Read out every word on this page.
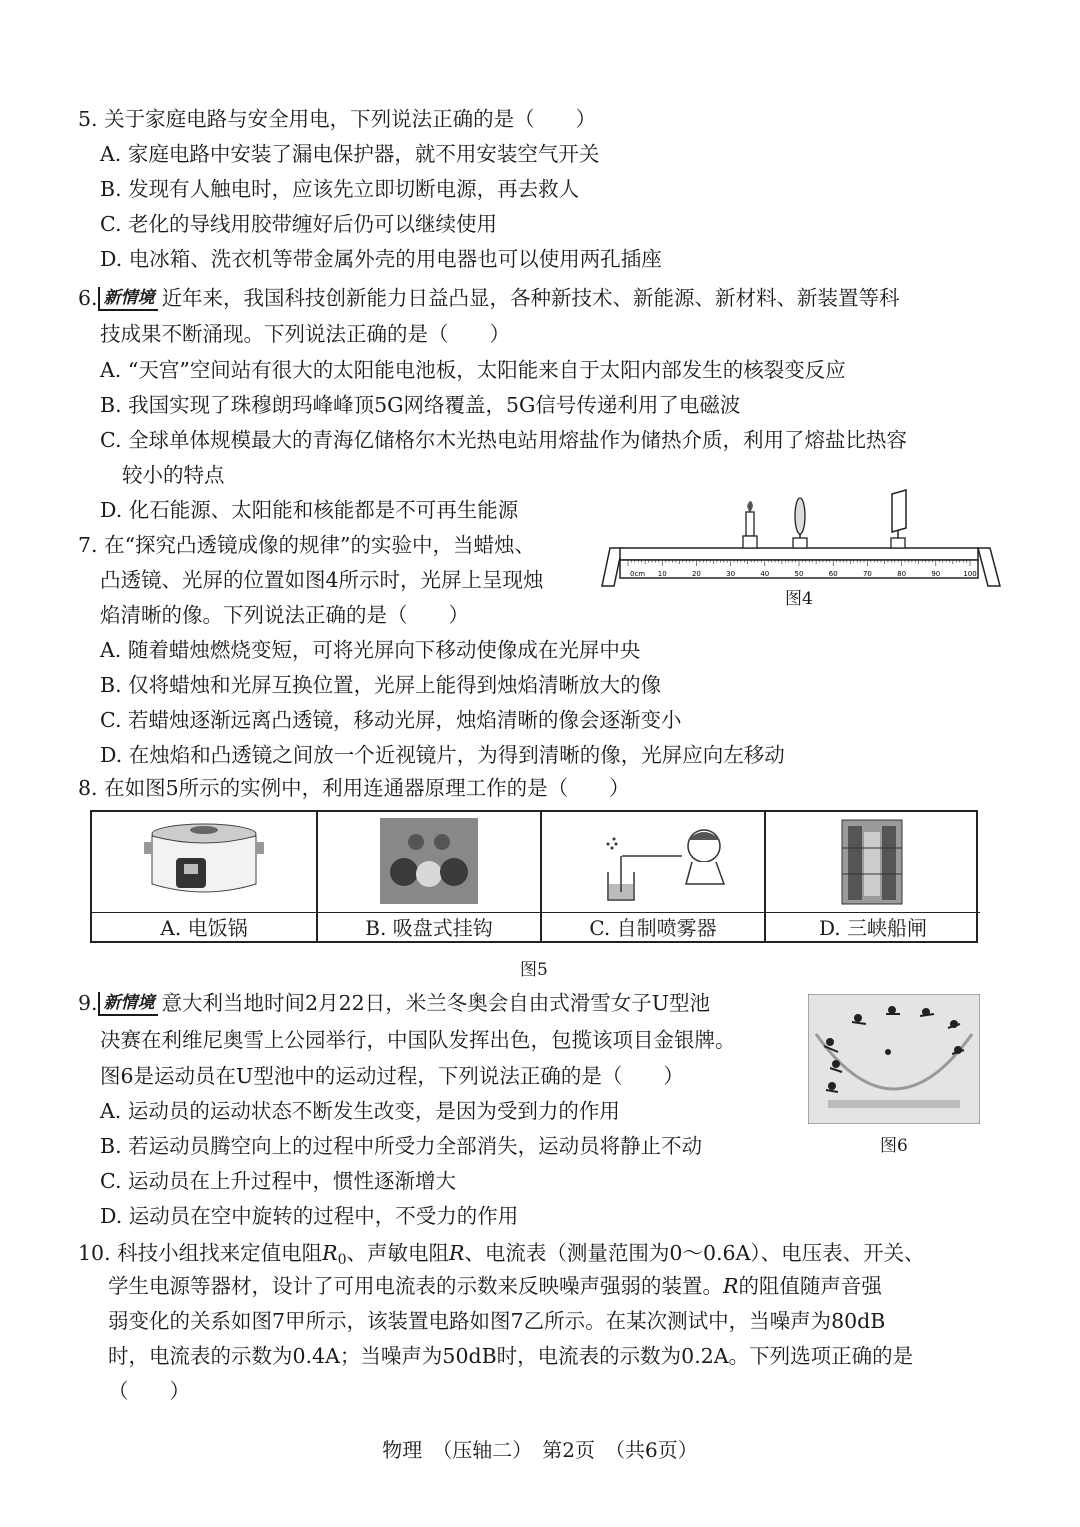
5. 关于家庭电路与安全用电，下列说法正确的是（　　）
A. 家庭电路中安装了漏电保护器，就不用安装空气开关
B. 发现有人触电时，应该先立即切断电源，再去救人
C. 老化的导线用胶带缠好后仍可以继续使用
D. 电冰箱、洗衣机等带金属外壳的用电器也可以使用两孔插座
6. 新情境 近年来，我国科技创新能力日益凸显，各种新技术、新能源、新材料、新装置等科
技成果不断涌现。下列说法正确的是（　　）
A. “天宫”空间站有很大的太阳能电池板，太阳能来自于太阳内部发生的核裂变反应
B. 我国实现了珠穆朗玛峰峰顶5G网络覆盖，5G信号传递利用了电磁波
C. 全球单体规模最大的青海亿储格尔木光热电站用熔盐作为储热介质，利用了熔盐比热容
较小的特点
D. 化石能源、太阳能和核能都是不可再生能源
7. 在“探究凸透镜成像的规律”的实验中，当蜡烛、
凸透镜、光屏的位置如图4所示时，光屏上呈现烛
焰清晰的像。下列说法正确的是（　　）
A. 随着蜡烛燃烧变短，可将光屏向下移动使像成在光屏中央
B. 仅将蜡烛和光屏互换位置，光屏上能得到烛焰清晰放大的像
C. 若蜡烛逐渐远离凸透镜，移动光屏，烛焰清晰的像会逐渐变小
D. 在烛焰和凸透镜之间放一个近视镜片，为得到清晰的像，光屏应向左移动
0cm 10	20	30	40	50	60	70	80	90	100
图4
8. 在如图5所示的实例中，利用连通器原理工作的是（　　）
A. 电饭锅	B. 吸盘式挂钩	C. 自制喷雾器	D. 三峡船闸
图5
9. 新情境 意大利当地时间2月22日，米兰冬奥会自由式滑雪女子U型池
决赛在利维尼奥雪上公园举行，中国队发挥出色，包揽该项目金银牌。
图6是运动员在U型池中的运动过程，下列说法正确的是（　　）
A. 运动员的运动状态不断发生改变，是因为受到力的作用
B. 若运动员腾空向上的过程中所受力全部消失，运动员将静止不动
C. 运动员在上升过程中，惯性逐渐增大
D. 运动员在空中旋转的过程中，不受力的作用
图6
10. 科技小组找来定值电阻$R_0$、声敏电阻R、电流表（测量范围为0～0.6A）、电压表、开关、
学生电源等器材，设计了可用电流表的示数来反映噪声强弱的装置。R的阻值随声音强
弱变化的关系如图7甲所示，该装置电路如图7乙所示。在某次测试中，当噪声为80dB
时，电流表的示数为0.4A；当噪声为50dB时，电流表的示数为0.2A。下列选项正确的是
（　　）
物理　（压轴二）　第2页　（共6页）
